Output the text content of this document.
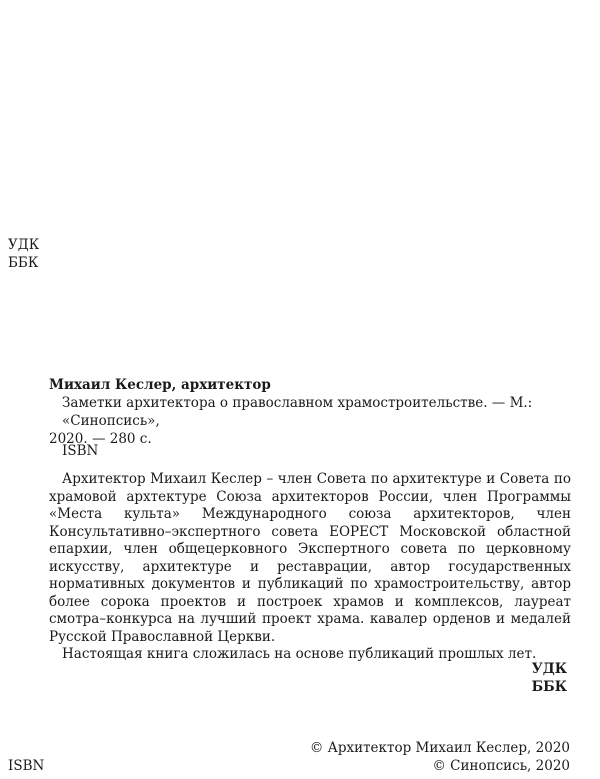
УДК
ББК
Михаил Кеслер, архитектор
Заметки архитектора о православном храмостроительстве. — М.: «Синопсись»,
2020. — 280 с.
ISBN

Архитектор Михаил Кеслер – член Совета по архитектуре и Совета по храмовой архтектуре Союза архитекторов России, член Программы «Места культа» Международного союза архитекторов, член Консультативно–экспертного совета ЕОРЕСТ Московской областной епархии, член общецерковного Экспертного совета по церковному искусству, архитектуре и реставрации, автор государственных нормативных документов и публикаций по храмостроительству, автор более сорока проектов и построек храмов и комплексов, лауреат смотра–конкурса на лучший проект храма. кавалер орденов и медалей Русской Православной Церкви.

Настоящая книга сложилась на основе публикаций прошлых лет.

УДК
ББК
ISBN
© Архитектор Михаил Кеслер, 2020
© Синопсись, 2020
